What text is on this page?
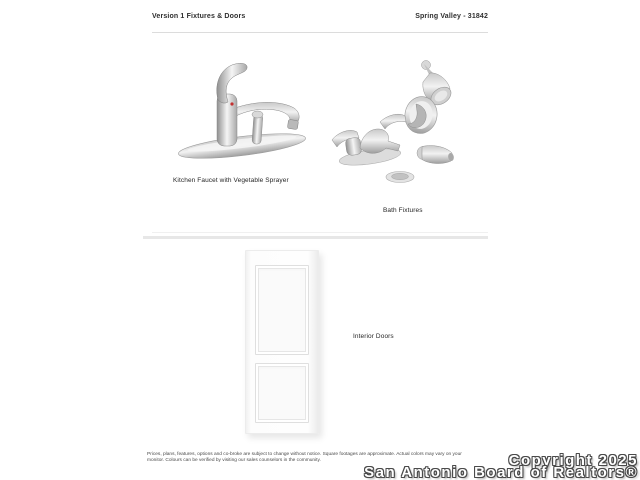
Version 1 Fixtures & Doors	Spring Valley - 31842
Kitchen Faucet with Vegetable Sprayer
Bath Fixtures
Interior Doors
Prices, plans, features, options and co-broke are subject to change without notice. Square footages are approximate. Actual colors may vary on your
monitor. Colours can be verified by visiting our sales counselors in the community.	Copyright 2025
San Antonio Board of Realtors®
